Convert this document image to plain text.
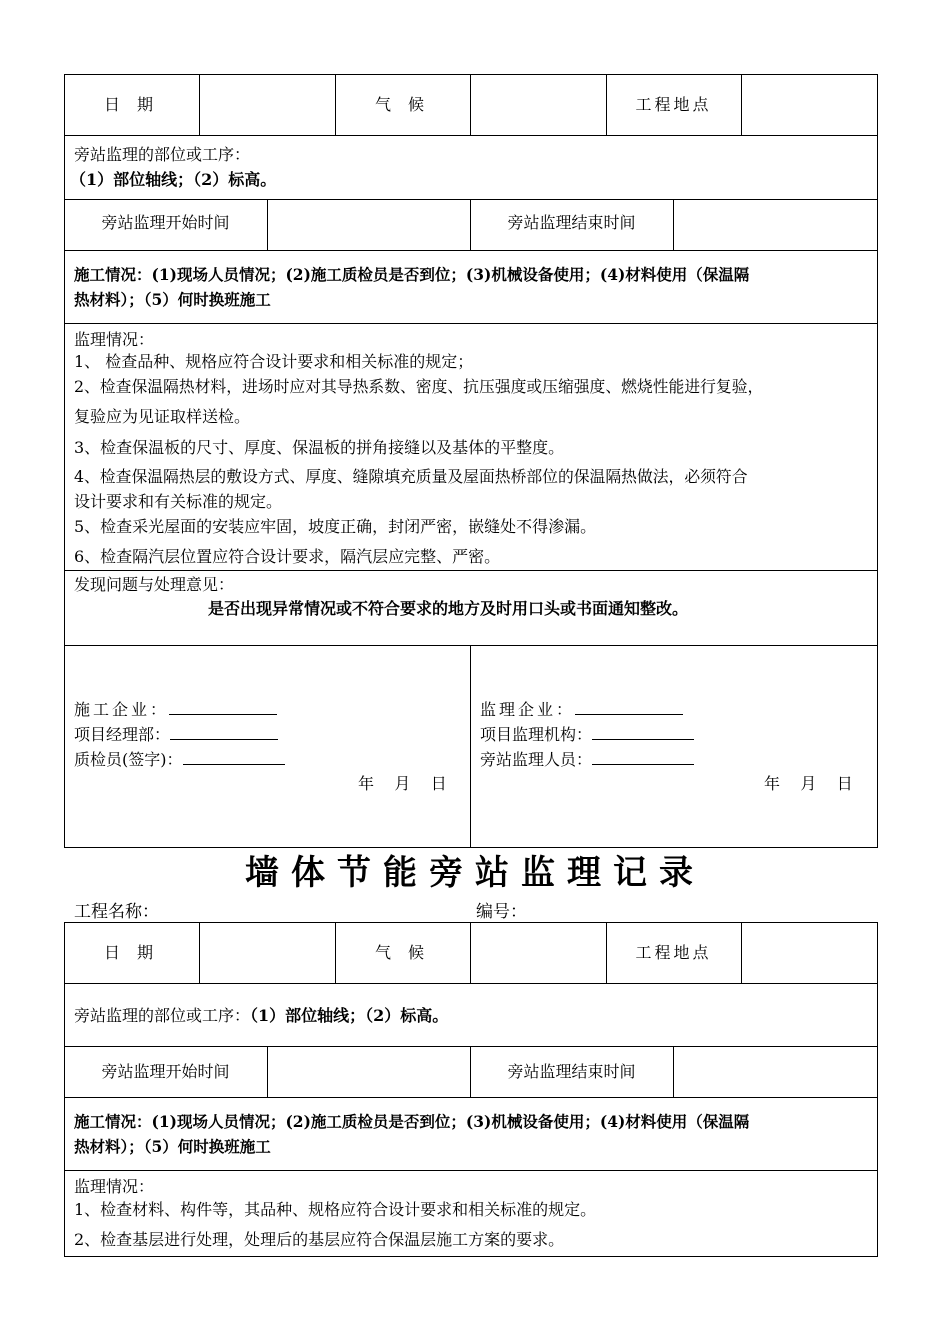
日 期	气 候	工程地点
旁站监理的部位或工序：
（1）部位轴线；（2）标高。
旁站监理开始时间	旁站监理结束时间
施工情况：(1)现场人员情况；(2)施工质检员是否到位；(3)机械设备使用；(4)材料使用（保温隔
热材料）；（5）何时换班施工
监理情况：
1、 检查品种、规格应符合设计要求和相关标准的规定；
2、检查保温隔热材料，进场时应对其导热系数、密度、抗压强度或压缩强度、燃烧性能进行复验，
复验应为见证取样送检。
3、检查保温板的尺寸、厚度、保温板的拼角接缝以及基体的平整度。
4、检查保温隔热层的敷设方式、厚度、缝隙填充质量及屋面热桥部位的保温隔热做法，必须符合
设计要求和有关标准的规定。
5、检查采光屋面的安装应牢固，坡度正确，封闭严密，嵌缝处不得渗漏。
6、检查隔汽层位置应符合设计要求，隔汽层应完整、严密。
发现问题与处理意见：
是否出现异常情况或不符合要求的地方及时用口头或书面通知整改。
施工企业：
项目经理部：
质检员(签字)：
年    月    日
监理企业：
项目监理机构：
旁站监理人员：
年    月    日
墙体节能旁站监理记录
工程名称：	编号：
日 期	气 候	工程地点
旁站监理的部位或工序：（1）部位轴线；（2）标高。
旁站监理开始时间	旁站监理结束时间
施工情况：(1)现场人员情况；(2)施工质检员是否到位；(3)机械设备使用；(4)材料使用（保温隔
热材料）；（5）何时换班施工
监理情况：
1、检查材料、构件等，其品种、规格应符合设计要求和相关标准的规定。
2、检查基层进行处理，处理后的基层应符合保温层施工方案的要求。
